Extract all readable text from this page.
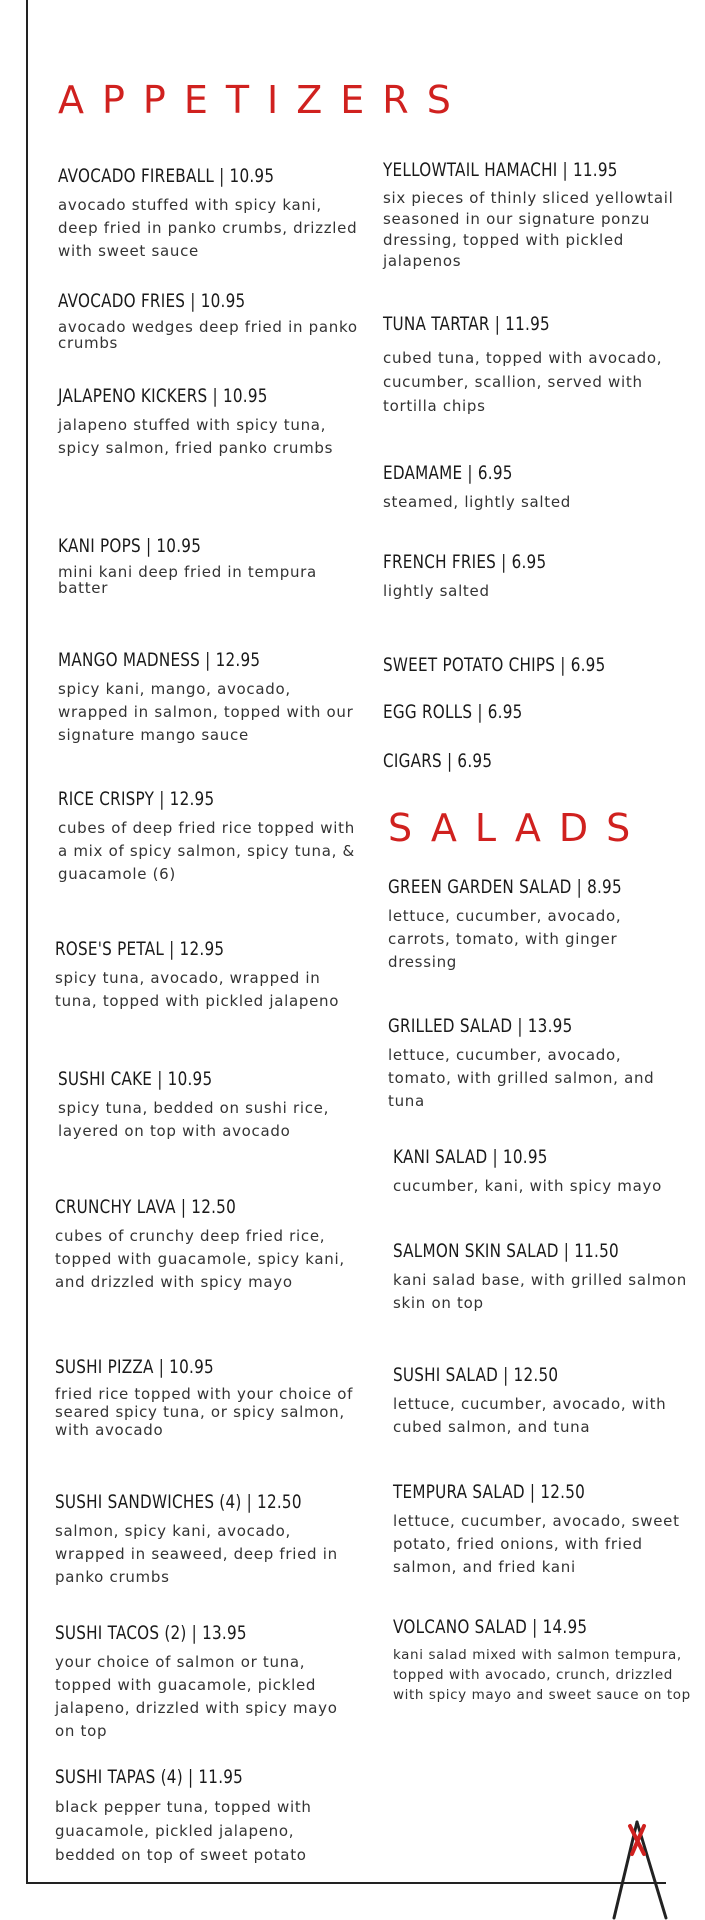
APPETIZERS
SALADS
AVOCADO FIREBALL | 10.95
avocado stuffed with spicy kani, deep fried in panko crumbs, drizzled with sweet sauce
AVOCADO FRIES | 10.95
avocado wedges deep fried in panko crumbs
JALAPENO KICKERS | 10.95
jalapeno stuffed with spicy tuna, spicy salmon, fried panko crumbs
KANI POPS | 10.95
mini kani deep fried in tempura batter
MANGO MADNESS | 12.95
spicy kani, mango, avocado, wrapped in salmon, topped with our signature mango sauce
RICE CRISPY | 12.95
cubes of deep fried rice topped with a mix of spicy salmon, spicy tuna, & guacamole (6)
ROSE'S PETAL | 12.95
spicy tuna, avocado, wrapped in tuna, topped with pickled jalapeno
SUSHI CAKE | 10.95
spicy tuna, bedded on sushi rice, layered on top with avocado
CRUNCHY LAVA | 12.50
cubes of crunchy deep fried rice, topped with guacamole, spicy kani, and drizzled with spicy mayo
SUSHI PIZZA | 10.95
fried rice topped with your choice of seared spicy tuna, or spicy salmon, with avocado
SUSHI SANDWICHES (4) | 12.50
salmon, spicy kani, avocado, wrapped in seaweed, deep fried in panko crumbs
SUSHI TACOS (2) | 13.95
your choice of salmon or tuna, topped with guacamole, pickled jalapeno, drizzled with spicy mayo on top
SUSHI TAPAS (4) | 11.95
black pepper tuna, topped with guacamole, pickled jalapeno, bedded on top of sweet potato
YELLOWTAIL HAMACHI | 11.95
six pieces of thinly sliced yellowtail seasoned in our signature ponzu dressing, topped with pickled jalapenos
TUNA TARTAR | 11.95
cubed tuna, topped with avocado, cucumber, scallion, served with tortilla chips
EDAMAME | 6.95
steamed, lightly salted
FRENCH FRIES | 6.95
lightly salted
SWEET POTATO CHIPS | 6.95
EGG ROLLS | 6.95
CIGARS | 6.95
GREEN GARDEN SALAD | 8.95
lettuce, cucumber, avocado, carrots, tomato, with ginger dressing
GRILLED SALAD | 13.95
lettuce, cucumber, avocado, tomato, with grilled salmon, and tuna
KANI SALAD | 10.95
cucumber, kani, with spicy mayo
SALMON SKIN SALAD | 11.50
kani salad base, with grilled salmon skin on top
SUSHI SALAD | 12.50
lettuce, cucumber, avocado, with cubed salmon, and tuna
TEMPURA SALAD | 12.50
lettuce, cucumber, avocado, sweet potato, fried onions, with fried salmon, and fried kani
VOLCANO SALAD | 14.95
kani salad mixed with salmon tempura, topped with avocado, crunch, drizzled with spicy mayo and sweet sauce on top
